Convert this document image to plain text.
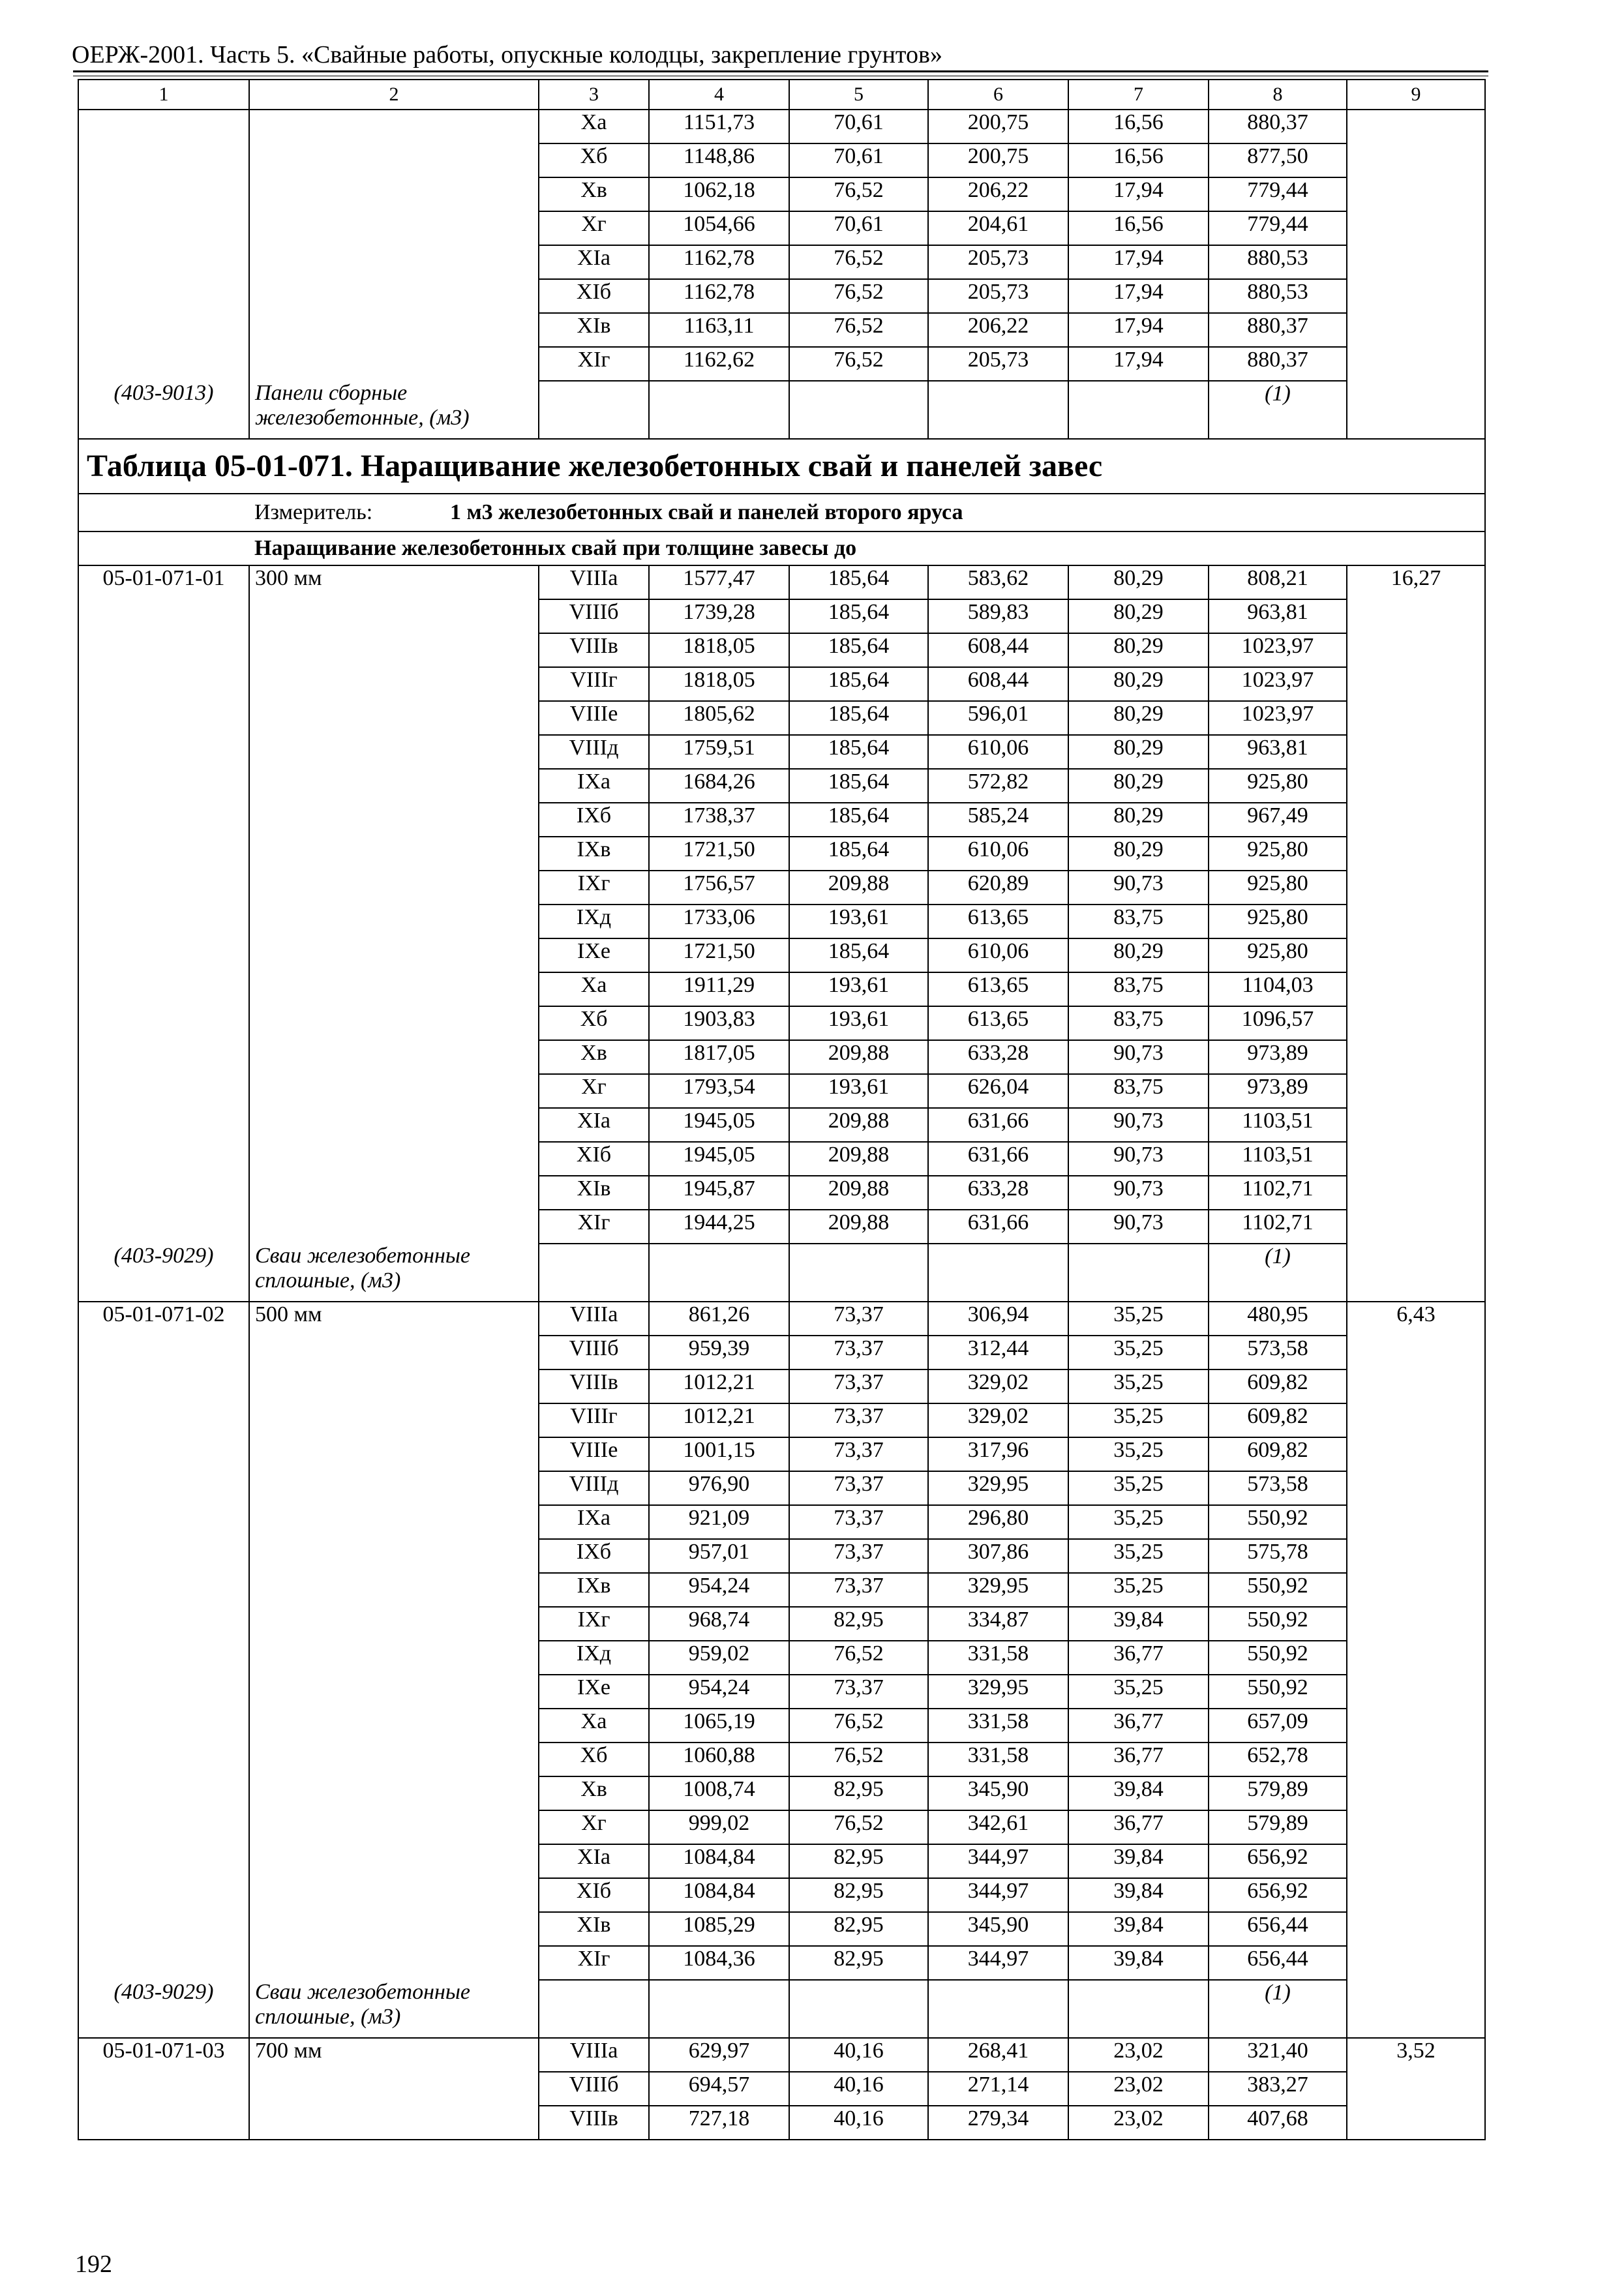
ОЕРЖ-2001. Часть 5. «Свайные работы, опускные колодцы, закрепление грунтов»
1	2	3	4	5	6	7	8	9
		Xa	1151,73	70,61	200,75	16,56	880,37	
		Xб	1148,86	70,61	200,75	16,56	877,50	
		Xв	1062,18	76,52	206,22	17,94	779,44	
		Xг	1054,66	70,61	204,61	16,56	779,44	
		XIa	1162,78	76,52	205,73	17,94	880,53	
		XIб	1162,78	76,52	205,73	17,94	880,53	
		XIв	1163,11	76,52	206,22	17,94	880,37	
		XIг	1162,62	76,52	205,73	17,94	880,37	
(403-9013)	Панели сборные железобетонные, (м3)						(1)	
Таблица 05-01-071. Наращивание железобетонных свай и панелей завес								
	Измеритель: 1 м3 железобетонных свай и панелей второго яруса							
	Наращивание железобетонных свай при толщине завесы до							
05-01-071-01	300 мм	VIIIa	1577,47	185,64	583,62	80,29	808,21	16,27
		VIIIб	1739,28	185,64	589,83	80,29	963,81	
		VIIIв	1818,05	185,64	608,44	80,29	1023,97	
		VIIIг	1818,05	185,64	608,44	80,29	1023,97	
		VIIIe	1805,62	185,64	596,01	80,29	1023,97	
		VIIIд	1759,51	185,64	610,06	80,29	963,81	
		IXa	1684,26	185,64	572,82	80,29	925,80	
		IXб	1738,37	185,64	585,24	80,29	967,49	
		IXв	1721,50	185,64	610,06	80,29	925,80	
		IXг	1756,57	209,88	620,89	90,73	925,80	
		IXд	1733,06	193,61	613,65	83,75	925,80	
		IXe	1721,50	185,64	610,06	80,29	925,80	
		Xa	1911,29	193,61	613,65	83,75	1104,03	
		Xб	1903,83	193,61	613,65	83,75	1096,57	
		Xв	1817,05	209,88	633,28	90,73	973,89	
		Xг	1793,54	193,61	626,04	83,75	973,89	
		XIa	1945,05	209,88	631,66	90,73	1103,51	
		XIб	1945,05	209,88	631,66	90,73	1103,51	
		XIв	1945,87	209,88	633,28	90,73	1102,71	
		XIг	1944,25	209,88	631,66	90,73	1102,71	
(403-9029)	Сваи железобетонные сплошные, (м3)						(1)	
05-01-071-02	500 мм	VIIIa	861,26	73,37	306,94	35,25	480,95	6,43
		VIIIб	959,39	73,37	312,44	35,25	573,58	
		VIIIв	1012,21	73,37	329,02	35,25	609,82	
		VIIIг	1012,21	73,37	329,02	35,25	609,82	
		VIIIe	1001,15	73,37	317,96	35,25	609,82	
		VIIIд	976,90	73,37	329,95	35,25	573,58	
		IXa	921,09	73,37	296,80	35,25	550,92	
		IXб	957,01	73,37	307,86	35,25	575,78	
		IXв	954,24	73,37	329,95	35,25	550,92	
		IXг	968,74	82,95	334,87	39,84	550,92	
		IXд	959,02	76,52	331,58	36,77	550,92	
		IXe	954,24	73,37	329,95	35,25	550,92	
		Xa	1065,19	76,52	331,58	36,77	657,09	
		Xб	1060,88	76,52	331,58	36,77	652,78	
		Xв	1008,74	82,95	345,90	39,84	579,89	
		Xг	999,02	76,52	342,61	36,77	579,89	
		XIa	1084,84	82,95	344,97	39,84	656,92	
		XIб	1084,84	82,95	344,97	39,84	656,92	
		XIв	1085,29	82,95	345,90	39,84	656,44	
		XIг	1084,36	82,95	344,97	39,84	656,44	
(403-9029)	Сваи железобетонные сплошные, (м3)						(1)	
05-01-071-03	700 мм	VIIIa	629,97	40,16	268,41	23,02	321,40	3,52
		VIIIб	694,57	40,16	271,14	23,02	383,27	
		VIIIв	727,18	40,16	279,34	23,02	407,68	
192
